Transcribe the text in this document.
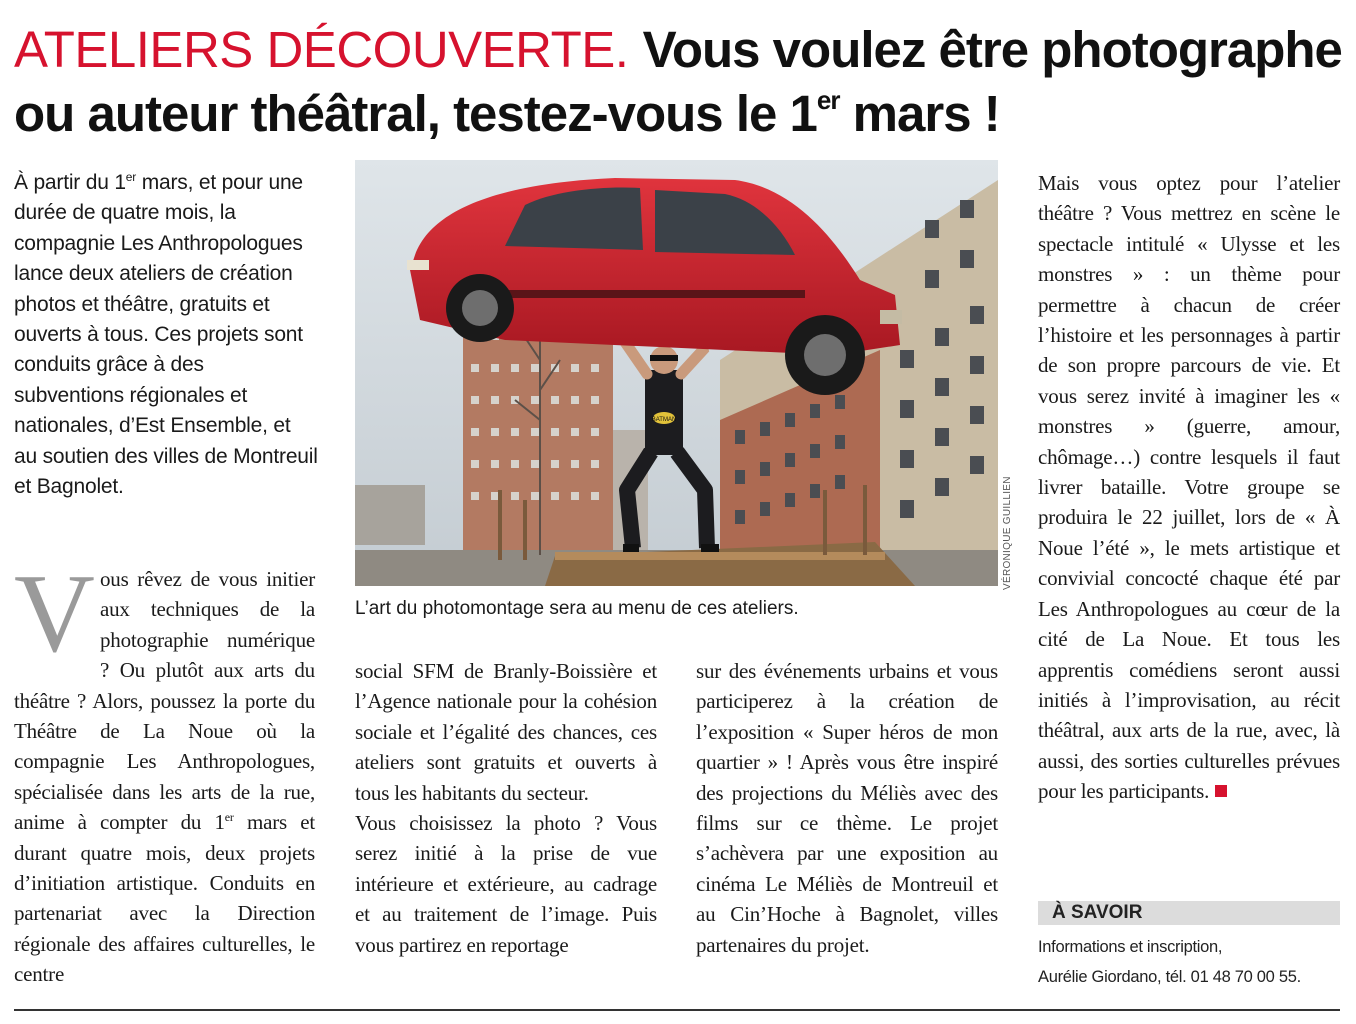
ATELIERS DÉCOUVERTE. Vous voulez être photographe ou auteur théâtral, testez-vous le 1er mars !

À partir du 1er mars, et pour une durée de quatre mois, la compagnie Les Anthropologues lance deux ateliers de création photos et théâtre, gratuits et ouverts à tous. Ces projets sont conduits grâce à des subventions régionales et nationales, d’Est Ensemble, et au soutien des villes de Montreuil et Bagnolet.

V ous rêvez de vous initier aux techniques de la photographie numérique ? Ou plutôt aux arts du théâtre ? Alors, poussez la porte du Théâtre de La Noue où la compagnie Les Anthropologues, spécialisée dans les arts de la rue, anime à compter du 1er mars et durant quatre mois, deux projets d’initiation artistique. Conduits en partenariat avec la Direction régionale des affaires culturelles, le centre

social SFM de Branly-Boissière et l’Agence nationale pour la cohésion sociale et l’égalité des chances, ces ateliers sont gratuits et ouverts à tous les habitants du secteur.

Vous choisissez la photo ? Vous serez initié à la prise de vue intérieure et extérieure, au cadrage et au traitement de l’image. Puis vous partirez en reportage

sur des événements urbains et vous participerez à la création de l’exposition « Super héros de mon quartier » ! Après vous être inspiré des projections du Méliès avec des films sur ce thème. Le projet s’achèvera par une exposition au cinéma Le Méliès de Montreuil et au Cin’Hoche à Bagnolet, villes partenaires du projet.

Mais vous optez pour l’atelier théâtre ? Vous mettrez en scène le spectacle intitulé « Ulysse et les monstres » : un thème pour permettre à chacun de créer l’histoire et les personnages à partir de son propre parcours de vie. Et vous serez invité à imaginer les « monstres » (guerre, amour, chômage…) contre lesquels il faut livrer bataille. Votre groupe se produira le 22 juillet, lors de « À Noue l’été », le mets artistique et convivial concocté chaque été par Les Anthropologues au cœur de la cité de La Noue. Et tous les apprentis comédiens seront aussi initiés à l’improvisation, au récit théâtral, aux arts de la rue, avec, là aussi, des sorties culturelles prévues pour les participants.

BATMAN
VÉRONIQUE GUILLIEN

L’art du photomontage sera au menu de ces ateliers.

À SAVOIR
Informations et inscription,
Aurélie Giordano, tél. 01 48 70 00 55.
